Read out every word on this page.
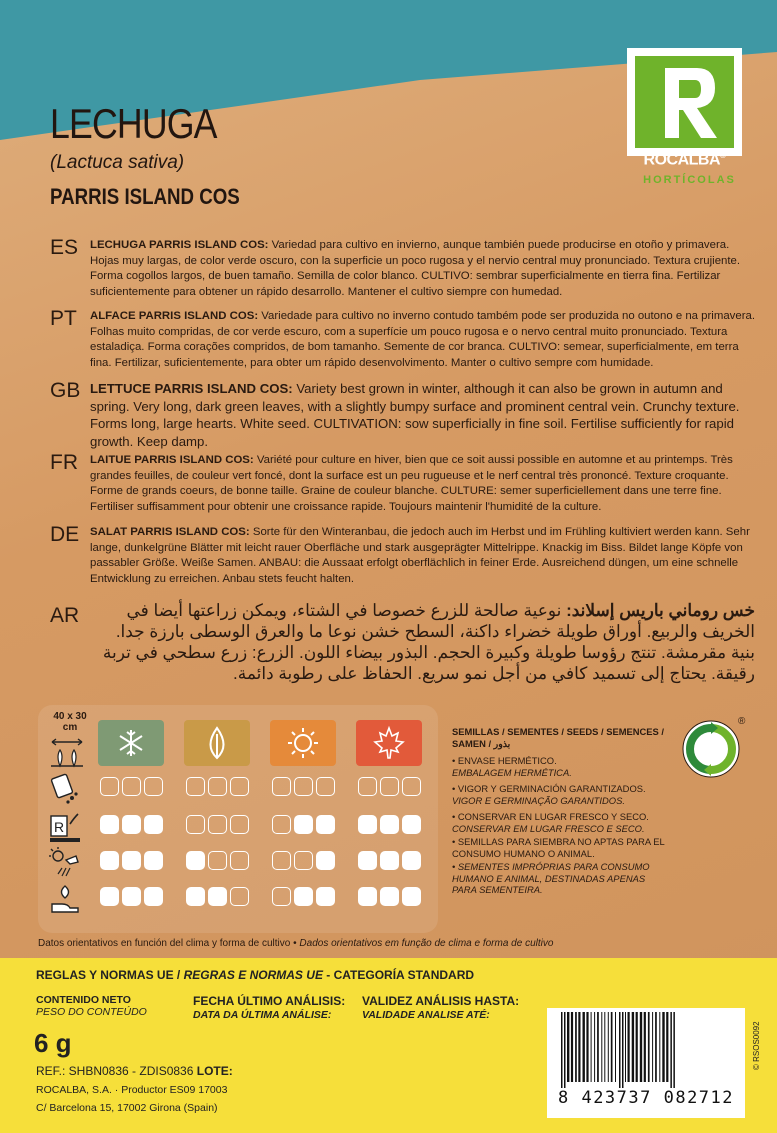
ROCALBA®
HORTÍCOLAS
LECHUGA
(Lactuca sativa)
PARRIS ISLAND COS
ES LECHUGA PARRIS ISLAND COS: Variedad para cultivo en invierno, aunque también puede producirse en otoño y primavera. Hojas muy largas, de color verde oscuro, con la superficie un poco rugosa y el nervio central muy pronunciado. Textura crujiente. Forma cogollos largos, de buen tamaño. Semilla de color blanco. CULTIVO: sembrar superficialmente en tierra fina. Fertilizar suficientemente para obtener un rápido desarrollo. Mantener el cultivo siempre con humedad.
PT ALFACE PARRIS ISLAND COS: Variedade para cultivo no inverno contudo também pode ser produzida no outono e na primavera. Folhas muito compridas, de cor verde escuro, com a superfície um pouco rugosa e o nervo central muito pronunciado. Textura estaladiça. Forma corações compridos, de bom tamanho. Semente de cor branca. CULTIVO: semear, superficialmente, em terra fina. Fertilizar, suficientemente, para obter um rápido desenvolvimento. Manter o cultivo sempre com humidade.
GB LETTUCE PARRIS ISLAND COS: Variety best grown in winter, although it can also be grown in autumn and spring. Very long, dark green leaves, with a slightly bumpy surface and prominent central vein. Crunchy texture. Forms long, large hearts. White seed. CULTIVATION: sow superficially in fine soil. Fertilise sufficiently for rapid growth. Keep damp.
FR LAITUE PARRIS ISLAND COS: Variété pour culture en hiver, bien que ce soit aussi possible en automne et au printemps. Très grandes feuilles, de couleur vert foncé, dont la surface est un peu rugueuse et le nerf central très prononcé. Texture croquante. Forme de grands coeurs, de bonne taille. Graine de couleur blanche. CULTURE: semer superficiellement dans une terre fine. Fertiliser suffisamment pour obtenir une croissance rapide. Toujours maintenir l'humidité de la culture.
DE SALAT PARRIS ISLAND COS: Sorte für den Winteranbau, die jedoch auch im Herbst und im Frühling kultiviert werden kann. Sehr lange, dunkelgrüne Blätter mit leicht rauer Oberfläche und stark ausgeprägter Mittelrippe. Knackig im Biss. Bildet lange Köpfe von passabler Größe. Weiße Samen. ANBAU: die Aussaat erfolgt oberflächlich in feiner Erde. Ausreichend düngen, um eine schnelle Entwicklung zu erreichen. Anbau stets feucht halten.
AR	خس روماني باريس إسلاند: نوعية صالحة للزرع خصوصا في الشتاء، ويمكن زراعتها أيضا في الخريف والربيع. أوراق طويلة خضراء داكنة، السطح خشن نوعا ما والعرق الوسطى بارزة جدا. بنية مقرمشة. تنتج رؤوسا طويلة وكبيرة الحجم. البذور بيضاء اللون. الزرع: زرع سطحي في تربة رقيقة. يحتاج إلى تسميد كافي من أجل نمو سريع. الحفاظ على رطوبة دائمة.
40 x 30 cm
R
SEMILLAS / SEMENTES / SEEDS / SEMENCES / SAMEN / بذور
• ENVASE HERMÉTICO.
EMBALAGEM HERMÉTICA.
• VIGOR Y GERMINACIÓN GARANTIZADOS.
VIGOR E GERMINAÇÃO GARANTIDOS.
• CONSERVAR EN LUGAR FRESCO Y SECO.
CONSERVAR EM LUGAR FRESCO E SECO.
• SEMILLAS PARA SIEMBRA NO APTAS PARA EL CONSUMO HUMANO O ANIMAL.
• SEMENTES IMPRÓPRIAS PARA CONSUMO HUMANO E ANIMAL, DESTINADAS APENAS PARA SEMENTEIRA.
®
Datos orientativos en función del clima y forma de cultivo • Dados orientativos em função de clima e forma de cultivo
REGLAS Y NORMAS UE / REGRAS E NORMAS UE - CATEGORÍA STANDARD
CONTENIDO NETO
PESO DO CONTEÚDO
6 g
FECHA ÚLTIMO ANÁLISIS:
DATA DA ÚLTIMA ANÁLISE:
VALIDEZ ANÁLISIS HASTA:
VALIDADE ANALISE ATÉ:
REF.: SHBN0836 - ZDIS0836 LOTE:
ROCALBA, S.A. · Productor ES09 17003
C/ Barcelona 15, 17002 Girona (Spain)	8 423737 082712
© RSOS0092
